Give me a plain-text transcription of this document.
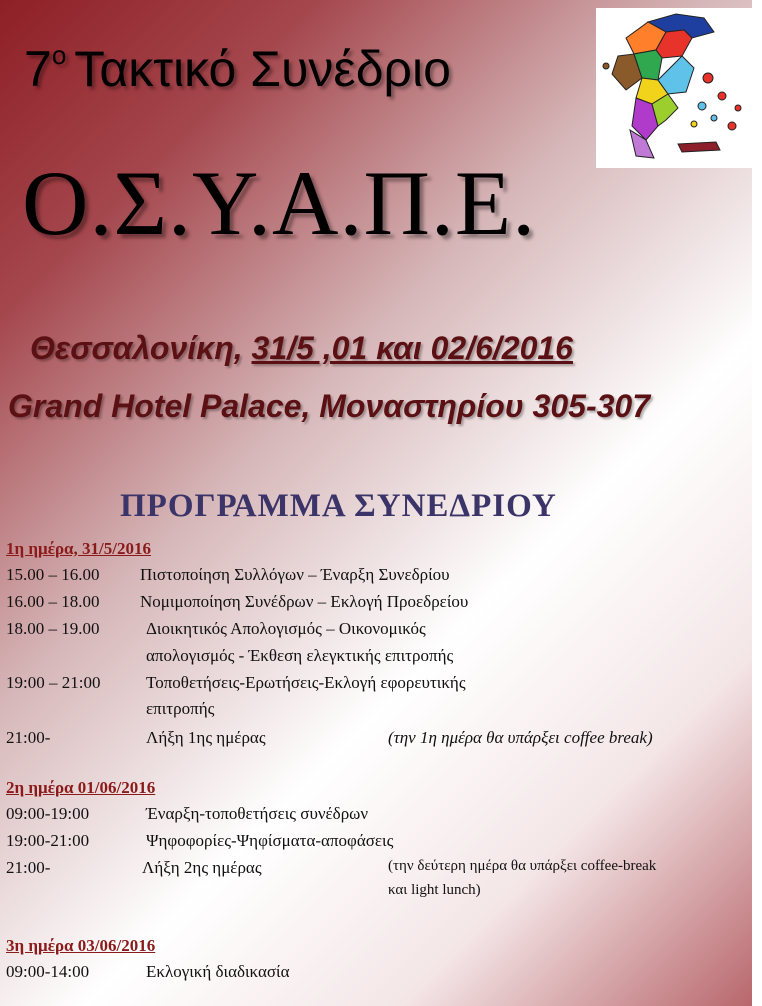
$7^o$ Τακτικό Συνέδριο
Ο.Σ.Υ.Α.Π.Ε.
Θεσσαλονίκη, 31/5 ,01 και 02/6/2016
Grand Hotel Palace, Μοναστηρίου 305-307
ΠΡΟΓΡΑΜΜΑ ΣΥΝΕΔΡΙΟΥ
1η ημέρα, 31/5/2016
15.00 – 16.00 Πιστοποίηση Συλλόγων – Έναρξη Συνεδρίου
16.00 – 18.00 Νομιμοποίηση Συνέδρων – Εκλογή Προεδρείου
18.00 – 19.00	Διοικητικός Απολογισμός – Οικονομικός
απολογισμός - Έκθεση ελεγκτικής επιτροπής
19:00 – 21:00	Τοποθετήσεις-Ερωτήσεις-Εκλογή εφορευτικής
επιτροπής
21:00-	Λήξη 1ης ημέρας	(την 1η ημέρα θα υπάρξει coffee break)
2η ημέρα 01/06/2016
09:00-19:00	Έναρξη-τοποθετήσεις συνέδρων
19:00-21:00	Ψηφοφορίες-Ψηφίσματα-αποφάσεις
21:00-	Λήξη 2ης ημέρας	(την δεύτερη ημέρα θα υπάρξει coffee-break
και light lunch)
3η ημέρα 03/06/2016
09:00-14:00	Εκλογική διαδικασία
